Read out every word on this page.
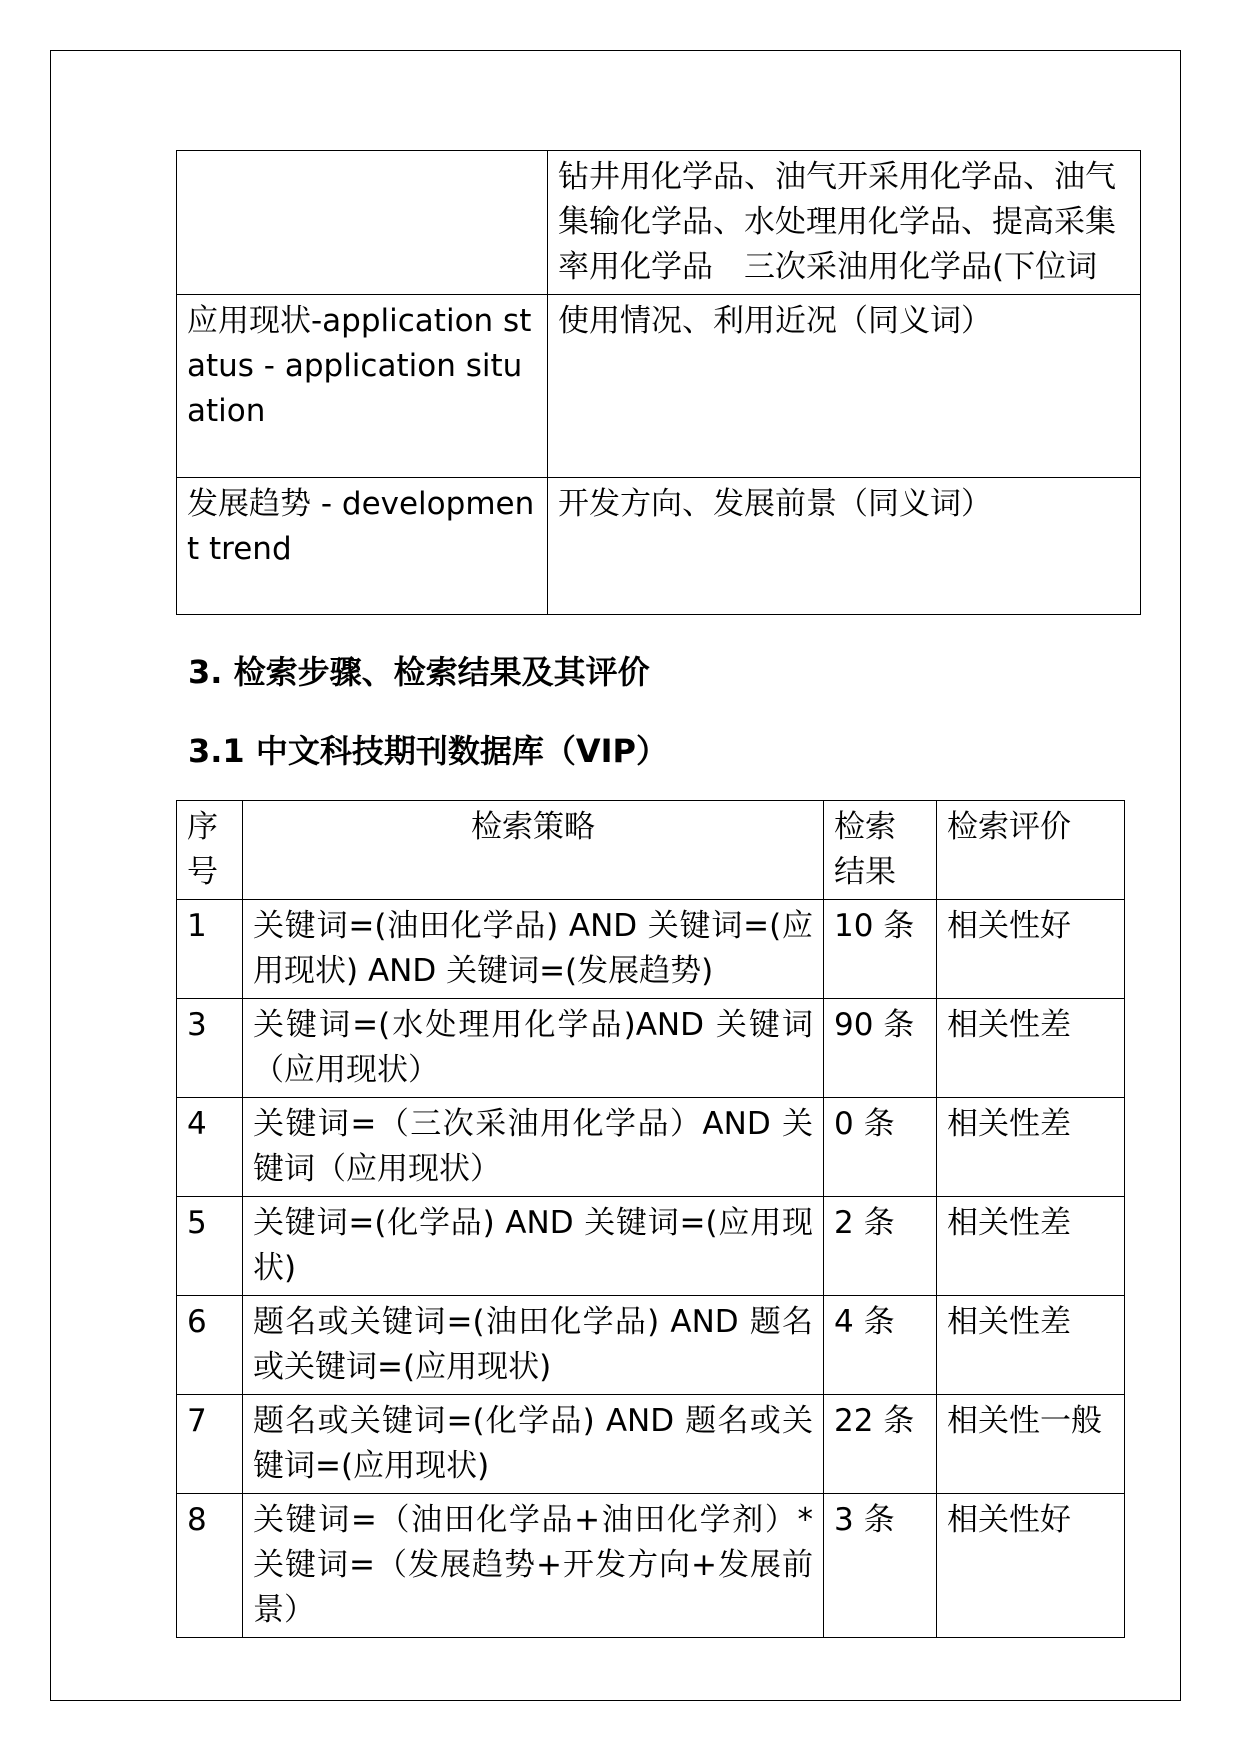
	钻井用化学品、油气开采用化学品、油气集输化学品、水处理用化学品、提高采集率用化学品　三次采油用化学品(下位词
应用现状-application status - application situation	使用情况、利用近况（同义词）
发展趋势 - development trend	开发方向、发展前景（同义词）
3. 检索步骤、检索结果及其评价
3.1 中文科技期刊数据库（VIP）
序号	检索策略	检索结果	检索评价
1	关键词=(油田化学品) AND 关键词=(应用现状) AND 关键词=(发展趋势)	10 条	相关性好
3	关键词=(水处理用化学品)AND 关键词（应用现状）	90 条	相关性差
4	关键词=（三次采油用化学品）AND 关键词（应用现状）	0 条	相关性差
5	关键词=(化学品) AND 关键词=(应用现状)	2 条	相关性差
6	题名或关键词=(油田化学品) AND 题名或关键词=(应用现状)	4 条	相关性差
7	题名或关键词=(化学品) AND 题名或关键词=(应用现状)	22 条	相关性一般
8	关键词=（油田化学品+油田化学剂）* 关键词=（发展趋势+开发方向+发展前景）	3 条	相关性好
